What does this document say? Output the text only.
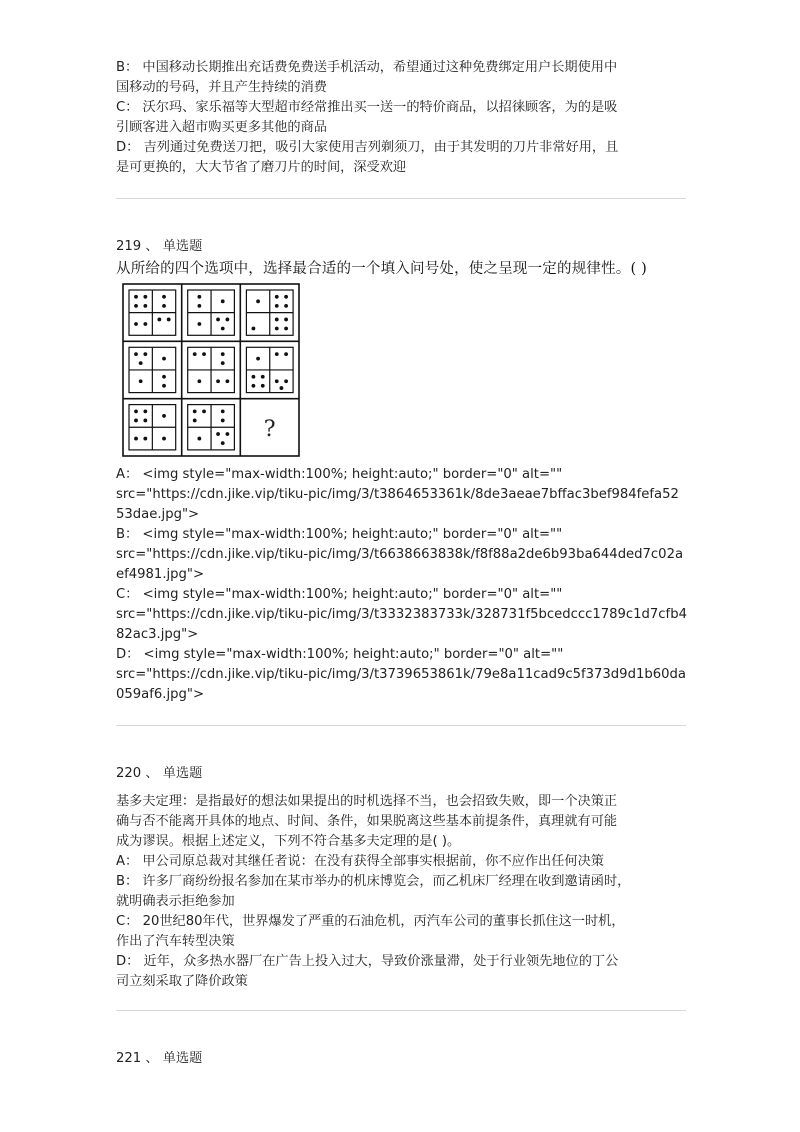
B： 中国移动长期推出充话费免费送手机活动，希望通过这种免费绑定用户长期使用中

国移动的号码，并且产生持续的消费

C： 沃尔玛、家乐福等大型超市经常推出买一送一的特价商品，以招徕顾客，为的是吸

引顾客进入超市购买更多其他的商品

D： 吉列通过免费送刀把，吸引大家使用吉列剃须刀，由于其发明的刀片非常好用，且

是可更换的，大大节省了磨刀片的时间，深受欢迎

219 、 单选题

从所给的四个选项中，选择最合适的一个填入问号处，使之呈现一定的规律性。( )
?

A： <img style="max-width:100%; height:auto;" border="0" alt=""

src="https://cdn.jike.vip/tiku-pic/img/3/t3864653361k/8de3aeae7bffac3bef984fefa52

53dae.jpg">

B： <img style="max-width:100%; height:auto;" border="0" alt=""

src="https://cdn.jike.vip/tiku-pic/img/3/t6638663838k/f8f88a2de6b93ba644ded7c02a

ef4981.jpg">

C： <img style="max-width:100%; height:auto;" border="0" alt=""

src="https://cdn.jike.vip/tiku-pic/img/3/t3332383733k/328731f5bcedccc1789c1d7cfb4

82ac3.jpg">

D： <img style="max-width:100%; height:auto;" border="0" alt=""

src="https://cdn.jike.vip/tiku-pic/img/3/t3739653861k/79e8a11cad9c5f373d9d1b60da

059af6.jpg">

220 、 单选题

基多夫定理：是指最好的想法如果提出的时机选择不当，也会招致失败，即一个决策正

确与否不能离开具体的地点、时间、条件，如果脱离这些基本前提条件，真理就有可能

成为谬误。根据上述定义，下列不符合基多夫定理的是( )。

A： 甲公司原总裁对其继任者说：在没有获得全部事实根据前，你不应作出任何决策

B： 许多厂商纷纷报名参加在某市举办的机床博览会，而乙机床厂经理在收到邀请函时，

就明确表示拒绝参加

C： 20世纪80年代，世界爆发了严重的石油危机，丙汽车公司的董事长抓住这一时机，

作出了汽车转型决策

D： 近年，众多热水器厂在广告上投入过大，导致价涨量滞，处于行业领先地位的丁公

司立刻采取了降价政策

221 、 单选题
